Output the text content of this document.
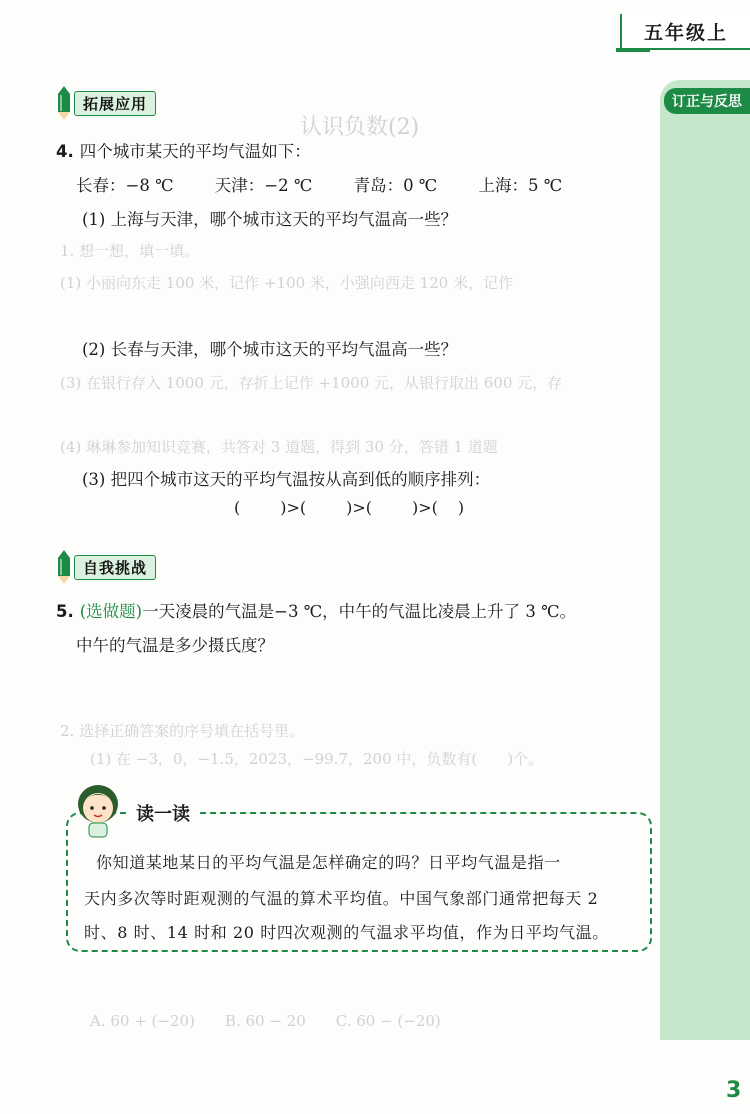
认识负数(2)
1. 想一想，填一填。
(1) 小丽向东走 100 米，记作 +100 米，小强向西走 120 米，记作
(3) 在银行存入 1000 元，存折上记作 +1000 元，从银行取出 600 元，存
(4) 琳琳参加知识竞赛，共答对 3 道题，得到 30 分，答错 1 道题
2. 选择正确答案的序号填在括号里。
(1) 在 −3，0，−1.5，2023，−99.7，200 中，负数有(　　)个。
A. 60 + (−20)　　B. 60 − 20　　C. 60 − (−20)
五年级上
订正与反思
拓展应用
4. 四个城市某天的平均气温如下：
长春：−8 ℃	天津：−2 ℃	青岛：0 ℃	上海：5 ℃
(1) 上海与天津，哪个城市这天的平均气温高一些？
(2) 长春与天津，哪个城市这天的平均气温高一些？
(3) 把四个城市这天的平均气温按从高到低的顺序排列：
(	)>(	)>(	)>( )
自我挑战
5. (选做题)一天凌晨的气温是−3 ℃，中午的气温比凌晨上升了 3 ℃。
中午的气温是多少摄氏度？
读一读
你知道某地某日的平均气温是怎样确定的吗？日平均气温是指一
天内多次等时距观测的气温的算术平均值。中国气象部门通常把每天 2
时、8 时、14 时和 20 时四次观测的气温求平均值，作为日平均气温。
3
